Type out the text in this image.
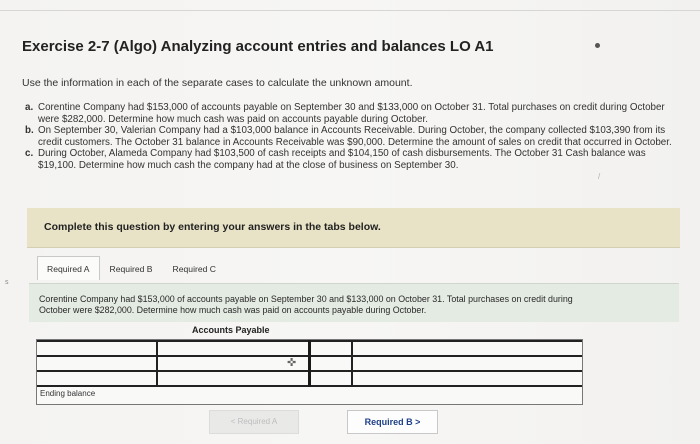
Exercise 2-7 (Algo) Analyzing account entries and balances LO A1
Use the information in each of the separate cases to calculate the unknown amount.
a. Corentine Company had $153,000 of accounts payable on September 30 and $133,000 on October 31. Total purchases on credit during October were $282,000. Determine how much cash was paid on accounts payable during October.
b. On September 30, Valerian Company had a $103,000 balance in Accounts Receivable. During October, the company collected $103,390 from its credit customers. The October 31 balance in Accounts Receivable was $90,000. Determine the amount of sales on credit that occurred in October.
c. During October, Alameda Company had $103,500 of cash receipts and $104,150 of cash disbursements. The October 31 Cash balance was $19,100. Determine how much cash the company had at the close of business on September 30.
/
Complete this question by entering your answers in the tabs below.
s
Required A	Required B	Required C
Corentine Company had $153,000 of accounts payable on September 30 and $133,000 on October 31. Total purchases on credit during October were $282,000. Determine how much cash was paid on accounts payable during October.
Accounts Payable
Ending balance
✜
< Required A	Required B >
